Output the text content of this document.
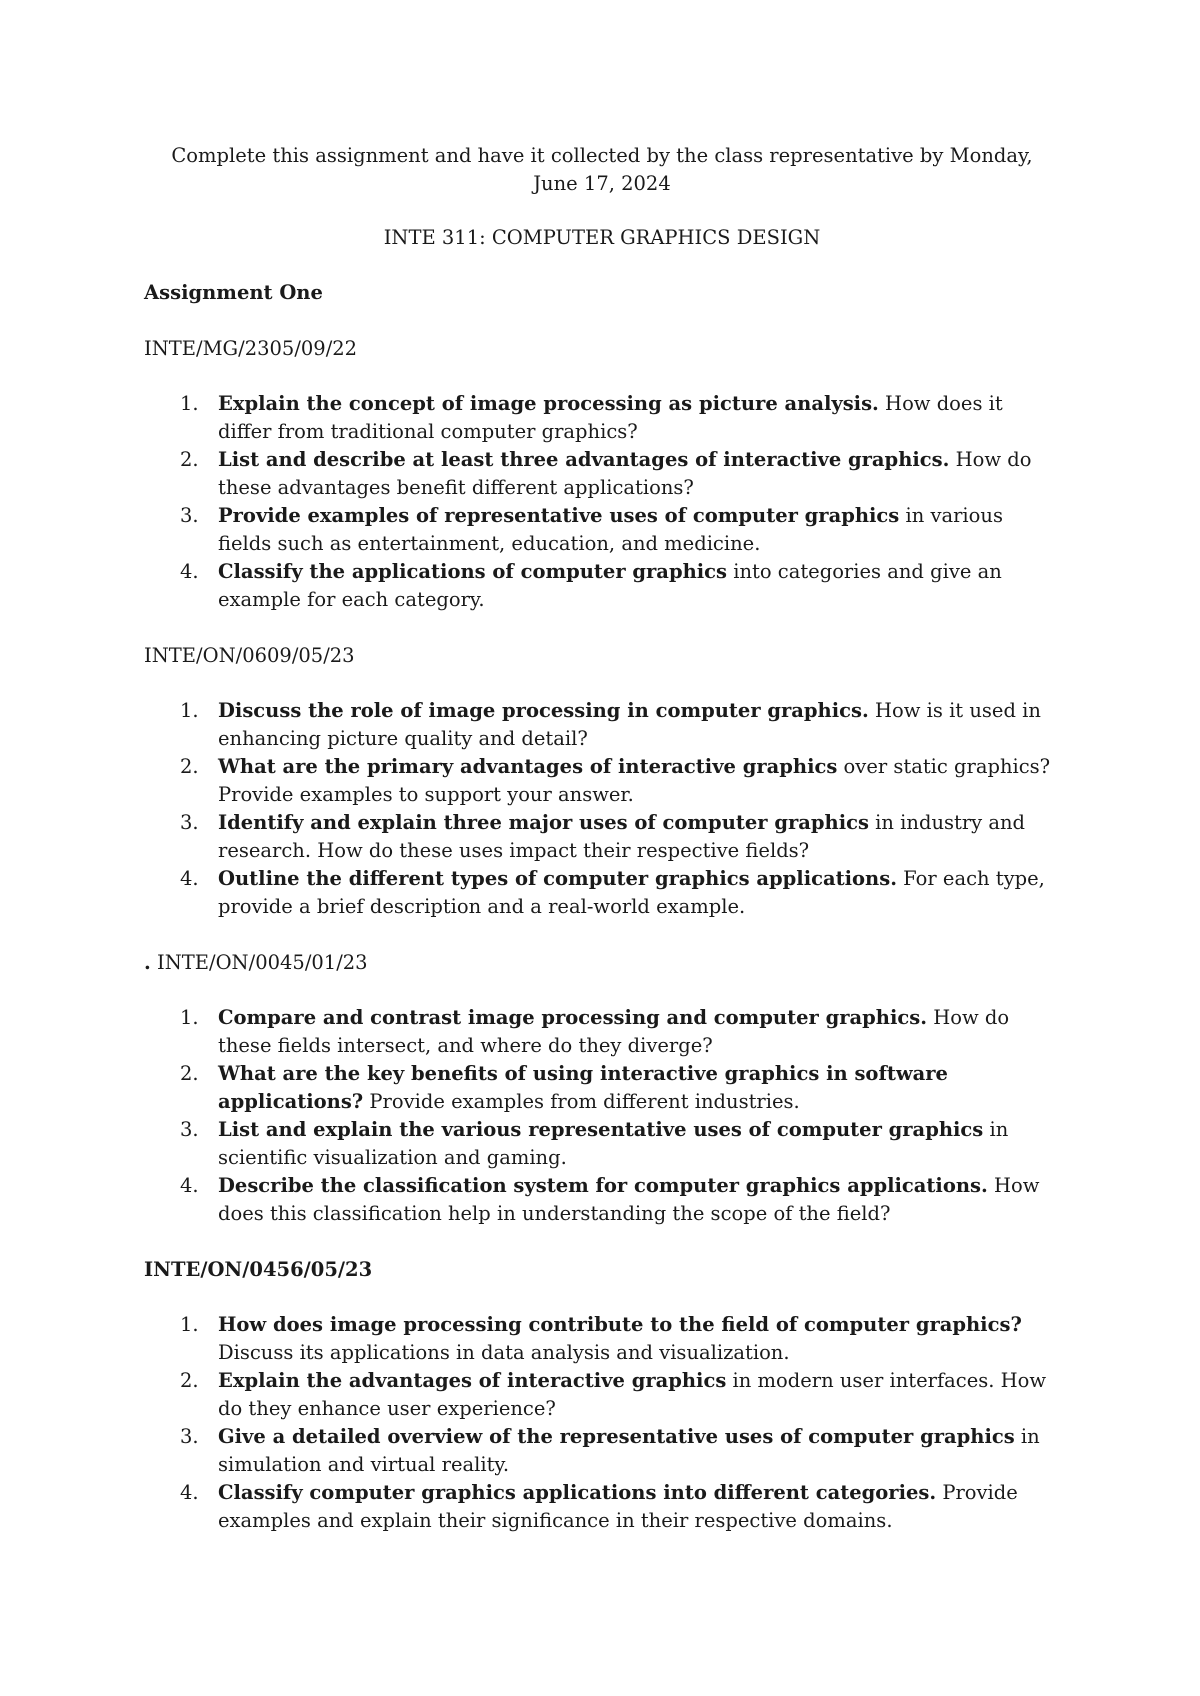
Complete this assignment and have it collected by the class representative by Monday, June 17, 2024

INTE 311: COMPUTER GRAPHICS DESIGN

Assignment One

INTE/MG/2305/09/22

1. Explain the concept of image processing as picture analysis. How does it differ from traditional computer graphics?
2. List and describe at least three advantages of interactive graphics. How do these advantages benefit different applications?
3. Provide examples of representative uses of computer graphics in various fields such as entertainment, education, and medicine.
4. Classify the applications of computer graphics into categories and give an example for each category.

INTE/ON/0609/05/23

1. Discuss the role of image processing in computer graphics. How is it used in enhancing picture quality and detail?
2. What are the primary advantages of interactive graphics over static graphics? Provide examples to support your answer.
3. Identify and explain three major uses of computer graphics in industry and research. How do these uses impact their respective fields?
4. Outline the different types of computer graphics applications. For each type, provide a brief description and a real-world example.

. INTE/ON/0045/01/23

1. Compare and contrast image processing and computer graphics. How do these fields intersect, and where do they diverge?
2. What are the key benefits of using interactive graphics in software applications? Provide examples from different industries.
3. List and explain the various representative uses of computer graphics in scientific visualization and gaming.
4. Describe the classification system for computer graphics applications. How does this classification help in understanding the scope of the field?

INTE/ON/0456/05/23

1. How does image processing contribute to the field of computer graphics? Discuss its applications in data analysis and visualization.
2. Explain the advantages of interactive graphics in modern user interfaces. How do they enhance user experience?
3. Give a detailed overview of the representative uses of computer graphics in simulation and virtual reality.
4. Classify computer graphics applications into different categories. Provide examples and explain their significance in their respective domains.
